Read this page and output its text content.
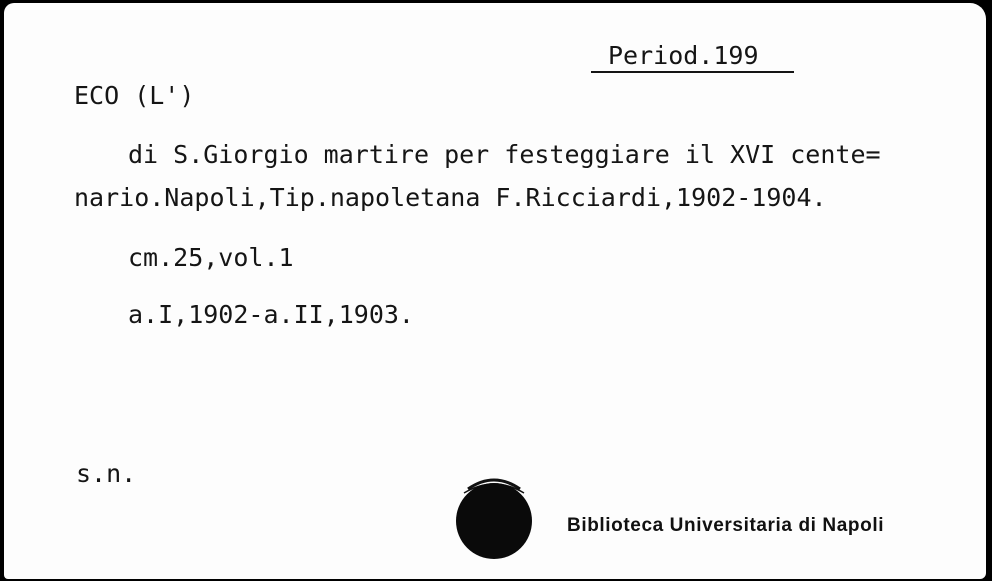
Period.199
ECO (L')
di S.Giorgio martire per festeggiare il XVI cente=
nario.Napoli,Tip.napoletana F.Ricciardi,1902-1904.
cm.25,vol.1
a.I,1902-a.II,1903.
s.n.
Biblioteca Universitaria di Napoli
